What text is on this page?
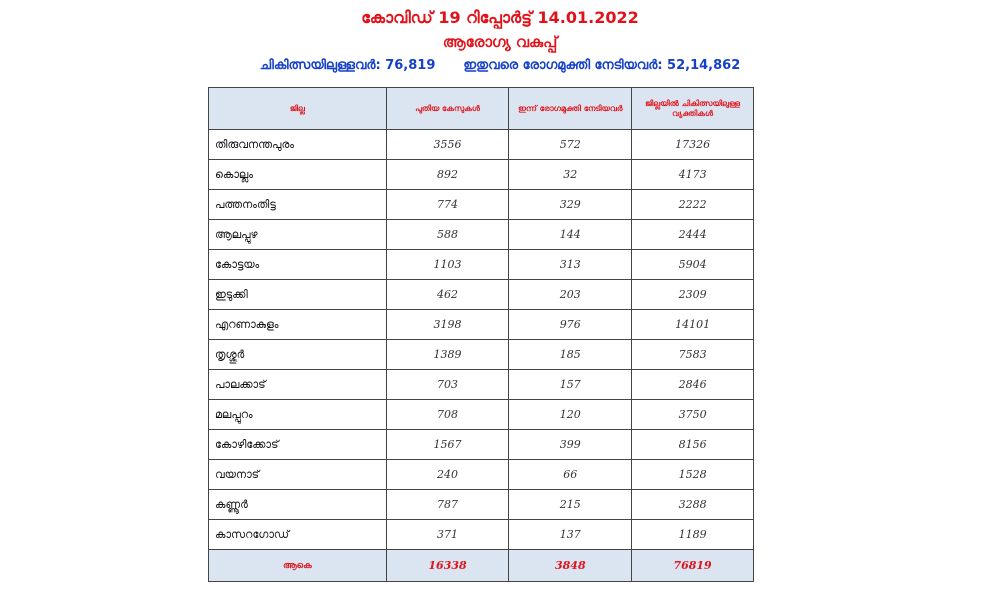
കോവിഡ് 19 റിപ്പോർട്ട് 14.01.2022
ആരോഗ്യ വകുപ്പ്
ചികിത്സയിലുള്ളവർ: 76,819 ഇതുവരെ രോഗമുക്തി നേടിയവർ: 52,14,862
ജില്ല	പുതിയ കേസുകൾ	ഇന്ന് രോഗമുക്തി നേടിയവർ	ജില്ലയിൽ ചികിത്സയിലുള്ള വ്യക്തികൾ
തിരുവനന്തപുരം	3556	572	17326
കൊല്ലം	892	32	4173
പത്തനംതിട്ട	774	329	2222
ആലപ്പുഴ	588	144	2444
കോട്ടയം	1103	313	5904
ഇടുക്കി	462	203	2309
എറണാകുളം	3198	976	14101
തൃശ്ശൂർ	1389	185	7583
പാലക്കാട്	703	157	2846
മലപ്പുറം	708	120	3750
കോഴിക്കോട്	1567	399	8156
വയനാട്	240	66	1528
കണ്ണൂർ	787	215	3288
കാസറഗോഡ്	371	137	1189
ആകെ	16338	3848	76819
